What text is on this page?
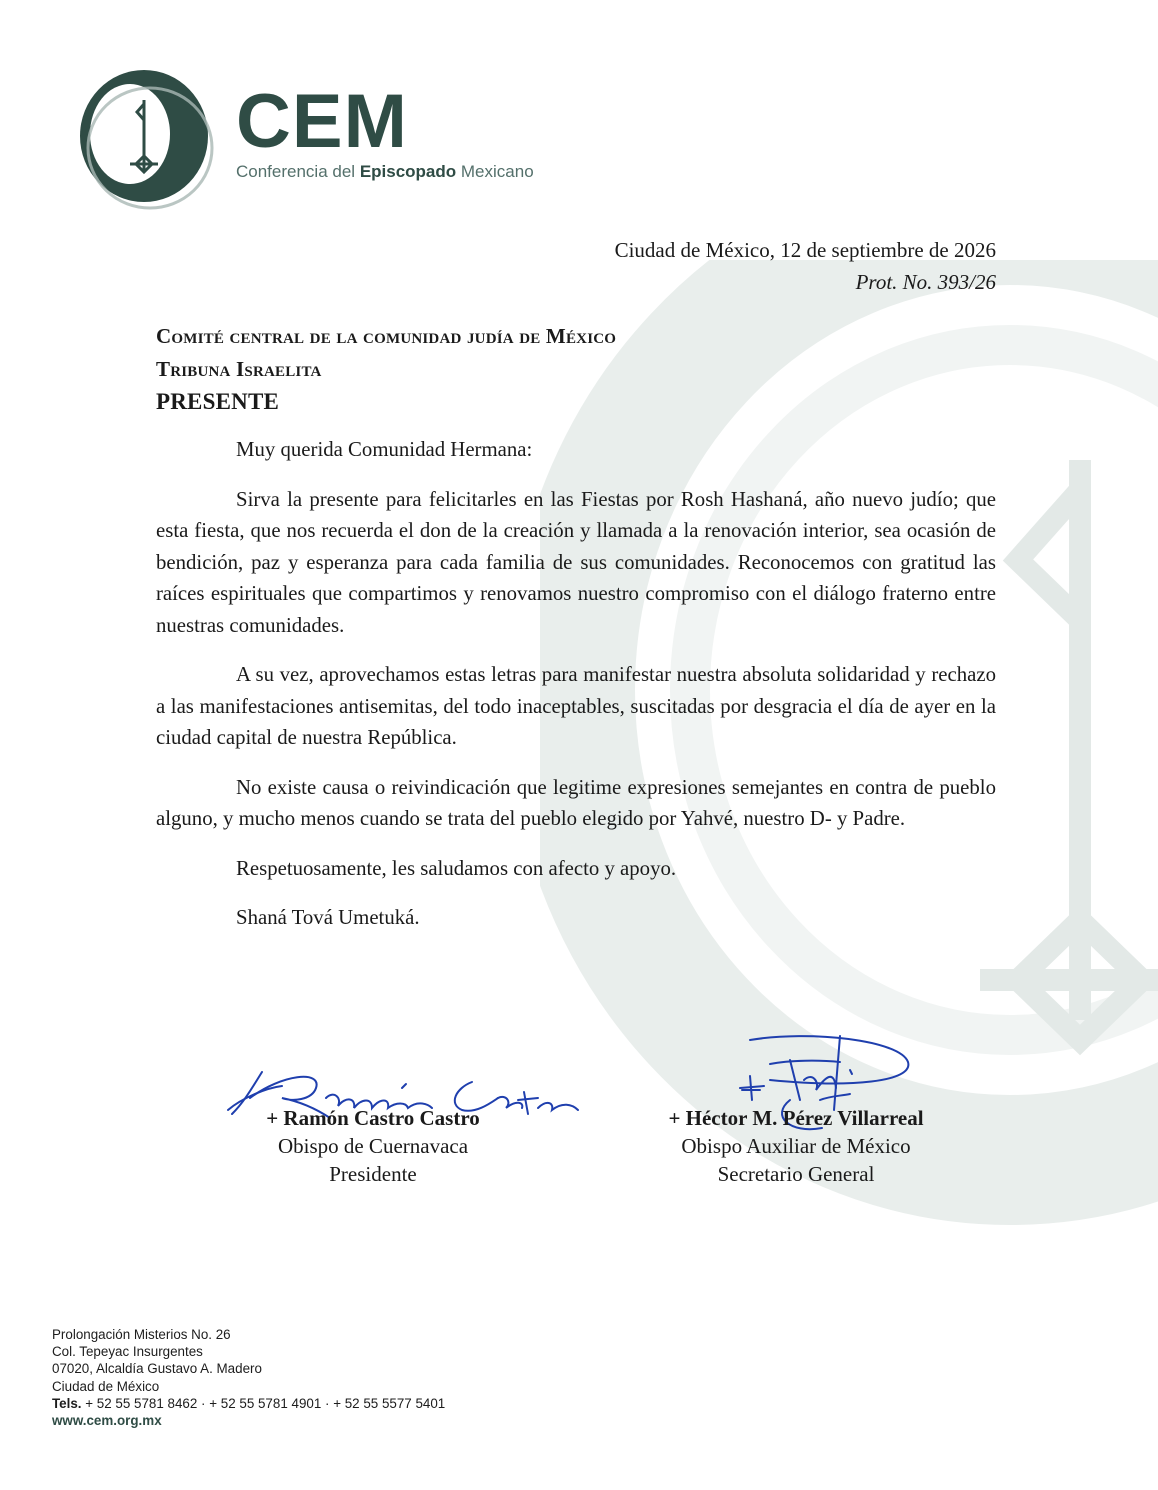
CEM
Conferencia del Episcopado Mexicano
Ciudad de México, 12 de septiembre de 2026
Prot. No. 393/26
Comité central de la comunidad judía de México
Tribuna Israelita
PRESENTE

Muy querida Comunidad Hermana:

Sirva la presente para felicitarles en las Fiestas por Rosh Hashaná, año nuevo judío; que esta fiesta, que nos recuerda el don de la creación y llamada a la renovación interior, sea ocasión de bendición, paz y esperanza para cada familia de sus comunidades. Reconocemos con gratitud las raíces espirituales que compartimos y renovamos nuestro compromiso con el diálogo fraterno entre nuestras comunidades.

A su vez, aprovechamos estas letras para manifestar nuestra absoluta solidaridad y rechazo a las manifestaciones antisemitas, del todo inaceptables, suscitadas por desgracia el día de ayer en la ciudad capital de nuestra República.

No existe causa o reivindicación que legitime expresiones semejantes en contra de pueblo alguno, y mucho menos cuando se trata del pueblo elegido por Yahvé, nuestro D- y Padre.

Respetuosamente, les saludamos con afecto y apoyo.

Shaná Tová Umetuká.

+ Ramón Castro Castro
Obispo de Cuernavaca
Presidente
+ Héctor M. Pérez Villarreal
Obispo Auxiliar de México
Secretario General
Prolongación Misterios No. 26
Col. Tepeyac Insurgentes
07020, Alcaldía Gustavo A. Madero
Ciudad de México
Tels. + 52 55 5781 8462 · + 52 55 5781 4901 · + 52 55 5577 5401
www.cem.org.mx
